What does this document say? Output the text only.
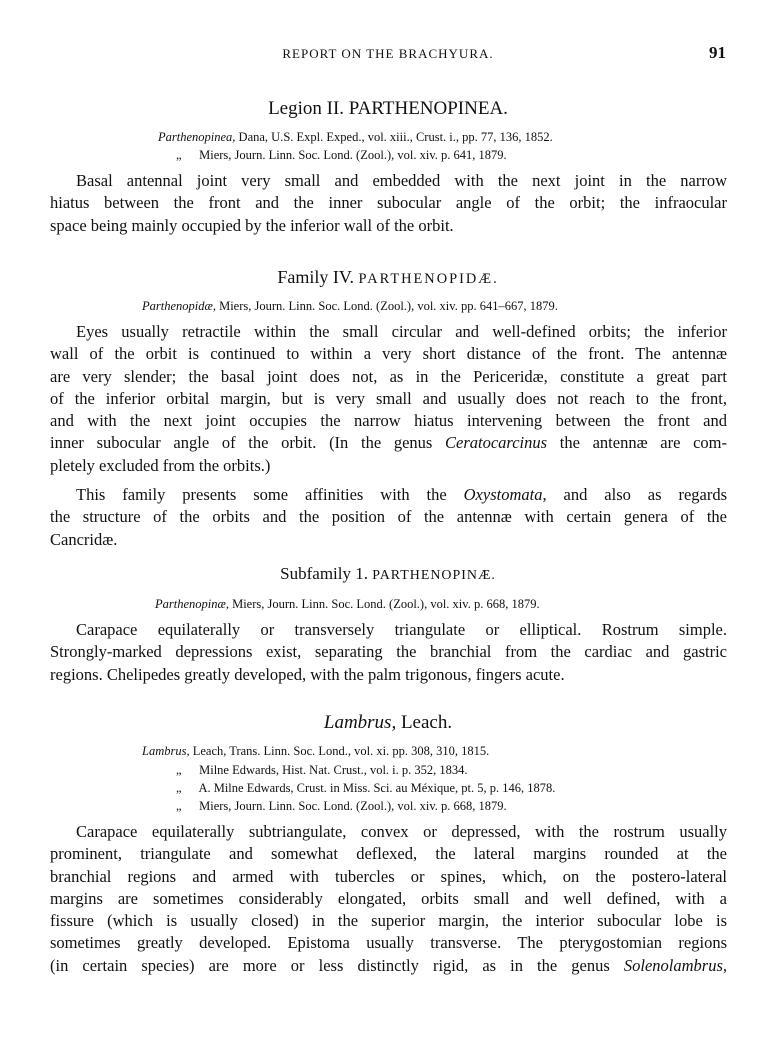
REPORT ON THE BRACHYURA.	91
Legion II. PARTHENOPINEA.
Parthenopinea, Dana, U.S. Expl. Exped., vol. xiii., Crust. i., pp. 77, 136, 1852.
„ Miers, Journ. Linn. Soc. Lond. (Zool.), vol. xiv. p. 641, 1879.
Basal antennal joint very small and embedded with the next joint in the narrow
hiatus between the front and the inner subocular angle of the orbit; the infraocular
space being mainly occupied by the inferior wall of the orbit.
Family IV. PARTHENOPIDÆ.
Parthenopidæ, Miers, Journ. Linn. Soc. Lond. (Zool.), vol. xiv. pp. 641–667, 1879.
Eyes usually retractile within the small circular and well-defined orbits; the inferior
wall of the orbit is continued to within a very short distance of the front. The antennæ
are very slender; the basal joint does not, as in the Periceridæ, constitute a great part
of the inferior orbital margin, but is very small and usually does not reach to the front,
and with the next joint occupies the narrow hiatus intervening between the front and
inner subocular angle of the orbit. (In the genus Ceratocarcinus the antennæ are com-
pletely excluded from the orbits.)
This family presents some affinities with the Oxystomata, and also as regards
the structure of the orbits and the position of the antennæ with certain genera of the
Cancridæ.
Subfamily 1. PARTHENOPINÆ.
Parthenopinæ, Miers, Journ. Linn. Soc. Lond. (Zool.), vol. xiv. p. 668, 1879.
Carapace equilaterally or transversely triangulate or elliptical. Rostrum simple.
Strongly-marked depressions exist, separating the branchial from the cardiac and gastric
regions. Chelipedes greatly developed, with the palm trigonous, fingers acute.
Lambrus, Leach.
Lambrus, Leach, Trans. Linn. Soc. Lond., vol. xi. pp. 308, 310, 1815.
„ Milne Edwards, Hist. Nat. Crust., vol. i. p. 352, 1834.
„ A. Milne Edwards, Crust. in Miss. Sci. au Méxique, pt. 5, p. 146, 1878.
„ Miers, Journ. Linn. Soc. Lond. (Zool.), vol. xiv. p. 668, 1879.
Carapace equilaterally subtriangulate, convex or depressed, with the rostrum usually
prominent, triangulate and somewhat deflexed, the lateral margins rounded at the
branchial regions and armed with tubercles or spines, which, on the postero-lateral
margins are sometimes considerably elongated, orbits small and well defined, with a
fissure (which is usually closed) in the superior margin, the interior subocular lobe is
sometimes greatly developed. Epistoma usually transverse. The pterygostomian regions
(in certain species) are more or less distinctly rigid, as in the genus Solenolambrus,
